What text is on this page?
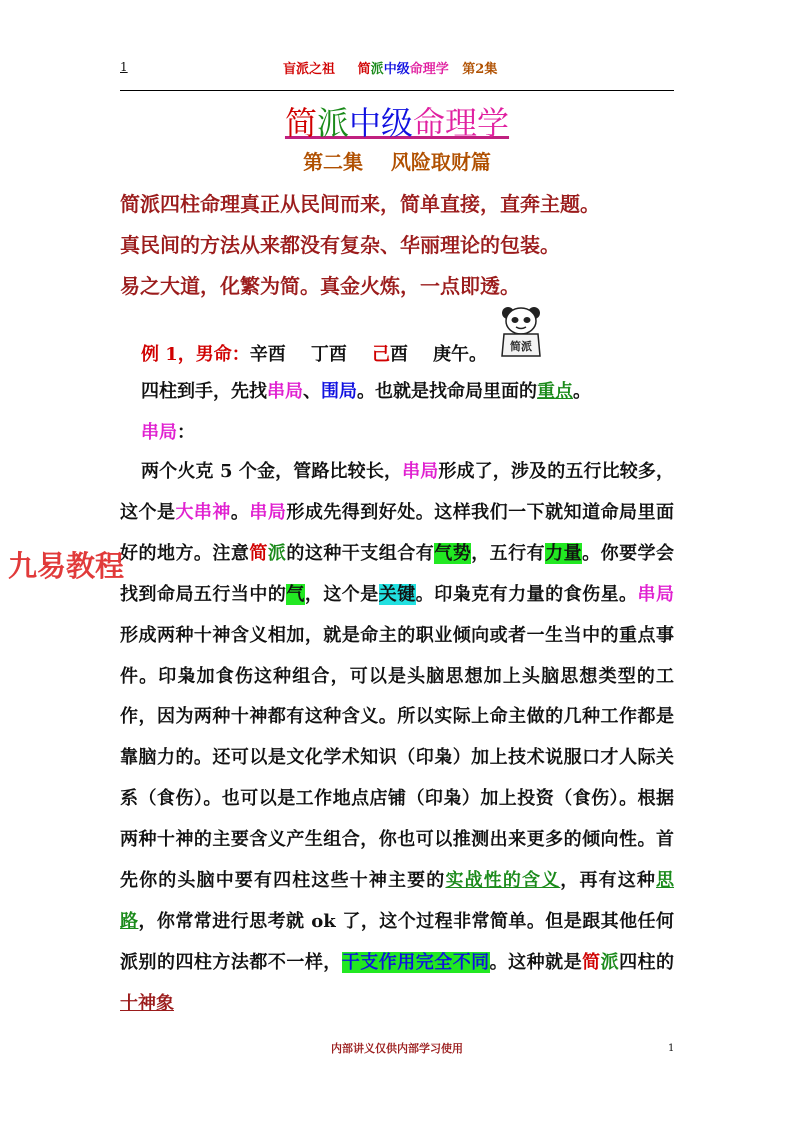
1	盲派之祖 简派中级命理学 第2集
简派中级命理学
第二集    风险取财篇
简派四柱命理真正从民间而来，简单直接，直奔主题。
真民间的方法从来都没有复杂、华丽理论的包装。
易之大道，化繁为简。真金火炼，一点即透。
例 1，男命：辛酉 丁酉 己酉 庚午。 简派
四柱到手，先找串局、围局。也就是找命局里面的重点。
串局：
两个火克 5 个金，管路比较长，串局形成了，涉及的五行比较多，这个是大串神。串局形成先得到好处。这样我们一下就知道命局里面好的地方。注意简派的这种干支组合有气势，五行有力量。你要学会找到命局五行当中的气，这个是关键。印枭克有力量的食伤星。串局形成两种十神含义相加，就是命主的职业倾向或者一生当中的重点事件。印枭加食伤这种组合，可以是头脑思想加上头脑思想类型的工作，因为两种十神都有这种含义。所以实际上命主做的几种工作都是靠脑力的。还可以是文化学术知识（印枭）加上技术说服口才人际关系（食伤）。也可以是工作地点店铺（印枭）加上投资（食伤）。根据两种十神的主要含义产生组合，你也可以推测出来更多的倾向性。首先你的头脑中要有四柱这些十神主要的实战性的含义，再有这种思路，你常常进行思考就 ok 了，这个过程非常简单。但是跟其他任何派别的四柱方法都不一样，干支作用完全不同。这种就是简派四柱的十神象
九易教程
内部讲义仅供内部学习使用	1
